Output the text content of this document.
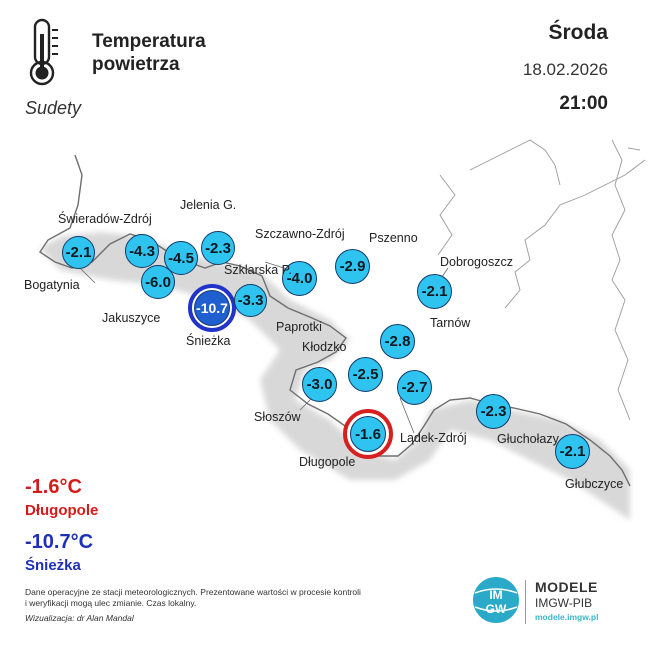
Temperatura
powietrza
Sudety
Środa
18.02.2026
21:00
-2.1	-4.3
-6.0
-2.3
-4.5
-10.7 -3.3
-4.0
-2.9
-2.1
-2.8
-2.5
-3.0
-1.6
-2.7
-2.3
-2.1
Bogatynia
Świeradów-Zdrój
Jakuszyce
Jelenia G.
Szklarska P.
Śnieżka
Paprotki
Szczawno-Zdrój Pszenno
Dobrogoszcz
Tarnów
Kłodzko
Słoszów
Długopole
Lądek-Zdrój Głuchołazy
Głubczyce
-1.6°C
Długopole
-10.7°C
Śnieżka
Dane operacyjne ze stacji meteorologicznych. Prezentowane wartości w procesie kontroli i weryfikacji mogą ulec zmianie. Czas lokalny.
Wizualizacja: dr Alan Mandal
IM
GW
MODELE
IMGW-PIB
modele.imgw.pl
